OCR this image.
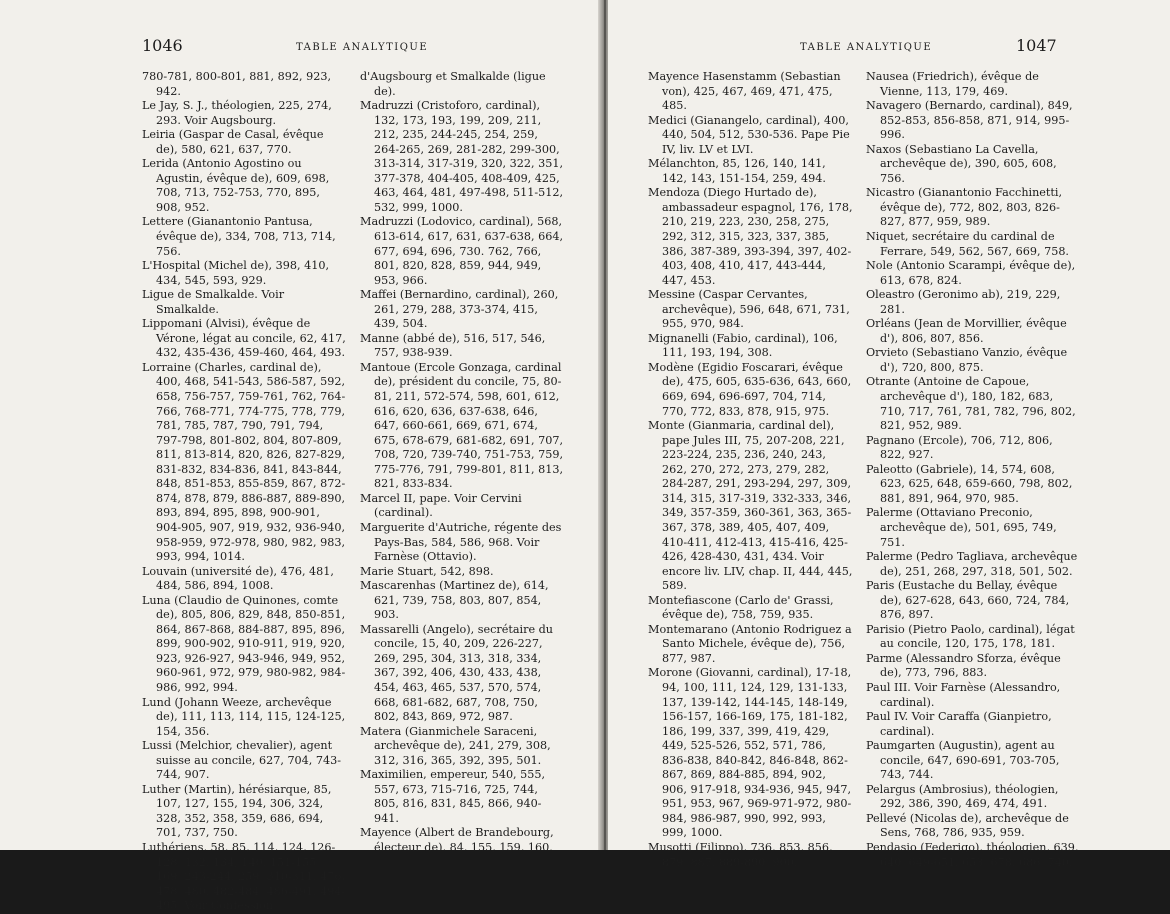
1046	TABLE ANALYTIQUE
780-781, 800-801, 881, 892, 923, 942.
Le Jay, S. J., théologien, 225, 274, 293. Voir Augsbourg.
Leiria (Gaspar de Casal, évêque de), 580, 621, 637, 770.
Lerida (Antonio Agostino ou Agustin, évêque de), 609, 698, 708, 713, 752-753, 770, 895, 908, 952.
Lettere (Gianantonio Pantusa, évêque de), 334, 708, 713, 714, 756.
L'Hospital (Michel de), 398, 410, 434, 545, 593, 929.
Ligue de Smalkalde. Voir Smalkalde.
Lippomani (Alvisi), évêque de Vérone, légat au concile, 62, 417, 432, 435-436, 459-460, 464, 493.
Lorraine (Charles, cardinal de), 400, 468, 541-543, 586-587, 592, 658, 756-757, 759-761, 762, 764-766, 768-771, 774-775, 778, 779, 781, 785, 787, 790, 791, 794, 797-798, 801-802, 804, 807-809, 811, 813-814, 820, 826, 827-829, 831-832, 834-836, 841, 843-844, 848, 851-853, 855-859, 867, 872-874, 878, 879, 886-887, 889-890, 893, 894, 895, 898, 900-901, 904-905, 907, 919, 932, 936-940, 958-959, 972-978, 980, 982, 983, 993, 994, 1014.
Louvain (université de), 476, 481, 484, 586, 894, 1008.
Luna (Claudio de Quinones, comte de), 805, 806, 829, 848, 850-851, 864, 867-868, 884-887, 895, 896, 899, 900-902, 910-911, 919, 920, 923, 926-927, 943-946, 949, 952, 960-961, 972, 979, 980-982, 984-986, 992, 994.
Lund (Johann Weeze, archevêque de), 111, 113, 114, 115, 124-125, 154, 356.
Lussi (Melchior, chevalier), agent suisse au concile, 627, 704, 743-744, 907.
Luther (Martin), hérésiarque, 85, 107, 127, 155, 194, 306, 324, 328, 352, 358, 359, 686, 694, 701, 737, 750.
Luthériens, 58, 85, 114, 124, 126-128, 132, 134, 140, 151-155, 169, 243-244, 259, 310-311, 476, 478, 480, 482-484, 486-491, 494-495. Voir Confession
d'Augsbourg et Smalkalde (ligue de).
Madruzzi (Cristoforo, cardinal), 132, 173, 193, 199, 209, 211, 212, 235, 244-245, 254, 259, 264-265, 269, 281-282, 299-300, 313-314, 317-319, 320, 322, 351, 377-378, 404-405, 408-409, 425, 463, 464, 481, 497-498, 511-512, 532, 999, 1000.
Madruzzi (Lodovico, cardinal), 568, 613-614, 617, 631, 637-638, 664, 677, 694, 696, 730. 762, 766, 801, 820, 828, 859, 944, 949, 953, 966.
Maffei (Bernardino, cardinal), 260, 261, 279, 288, 373-374, 415, 439, 504.
Manne (abbé de), 516, 517, 546, 757, 938-939.
Mantoue (Ercole Gonzaga, cardinal de), président du concile, 75, 80-81, 211, 572-574, 598, 601, 612, 616, 620, 636, 637-638, 646, 647, 660-661, 669, 671, 674, 675, 678-679, 681-682, 691, 707, 708, 720, 739-740, 751-753, 759, 775-776, 791, 799-801, 811, 813, 821, 833-834.
Marcel II, pape. Voir Cervini (cardinal).
Marguerite d'Autriche, régente des Pays-Bas, 584, 586, 968. Voir Farnèse (Ottavio).
Marie Stuart, 542, 898.
Mascarenhas (Martinez de), 614, 621, 739, 758, 803, 807, 854, 903.
Massarelli (Angelo), secrétaire du concile, 15, 40, 209, 226-227, 269, 295, 304, 313, 318, 334, 367, 392, 406, 430, 433, 438, 454, 463, 465, 537, 570, 574, 668, 681-682, 687, 708, 750, 802, 843, 869, 972, 987.
Matera (Gianmichele Saraceni, archevêque de), 241, 279, 308, 312, 316, 365, 392, 395, 501.
Maximilien, empereur, 540, 555, 557, 673, 715-716, 725, 744, 805, 816, 831, 845, 866, 940-941.
Mayence (Albert de Brandebourg, électeur de), 84, 155, 159, 160.
TABLE ANALYTIQUE	1047
Mayence Hasenstamm (Sebastian von), 425, 467, 469, 471, 475, 485.
Medici (Gianangelo, cardinal), 400, 440, 504, 512, 530-536. Pape Pie IV, liv. LV et LVI.
Mélanchton, 85, 126, 140, 141, 142, 143, 151-154, 259, 494.
Mendoza (Diego Hurtado de), ambassadeur espagnol, 176, 178, 210, 219, 223, 230, 258, 275, 292, 312, 315, 323, 337, 385, 386, 387-389, 393-394, 397, 402-403, 408, 410, 417, 443-444, 447, 453.
Messine (Caspar Cervantes, archevêque), 596, 648, 671, 731, 955, 970, 984.
Mignanelli (Fabio, cardinal), 106, 111, 193, 194, 308.
Modène (Egidio Foscarari, évêque de), 475, 605, 635-636, 643, 660, 669, 694, 696-697, 704, 714, 770, 772, 833, 878, 915, 975.
Monte (Gianmaria, cardinal del), pape Jules III, 75, 207-208, 221, 223-224, 235, 236, 240, 243, 262, 270, 272, 273, 279, 282, 284-287, 291, 293-294, 297, 309, 314, 315, 317-319, 332-333, 346, 349, 357-359, 360-361, 363, 365-367, 378, 389, 405, 407, 409, 410-411, 412-413, 415-416, 425-426, 428-430, 431, 434. Voir encore liv. LIV, chap. II, 444, 445, 589.
Montefiascone (Carlo de' Grassi, évêque de), 758, 759, 935.
Montemarano (Antonio Rodriguez a Santo Michele, évêque de), 756, 877, 987.
Morone (Giovanni, cardinal), 17-18, 94, 100, 111, 124, 129, 131-133, 137, 139-142, 144-145, 148-149, 156-157, 166-169, 175, 181-182, 186, 199, 337, 399, 419, 429, 449, 525-526, 552, 571, 786, 836-838, 840-842, 846-848, 862-867, 869, 884-885, 894, 902, 906, 917-918, 934-936, 945, 947, 951, 953, 967, 969-971-972, 980-984, 986-987, 990, 992, 993, 999, 1000.
Musotti (Filippo), 736, 853, 856, 879, 887, 889-890, 900.
Nausea (Friedrich), évêque de Vienne, 113, 179, 469.
Navagero (Bernardo, cardinal), 849, 852-853, 856-858, 871, 914, 995-996.
Naxos (Sebastiano La Cavella, archevêque de), 390, 605, 608, 756.
Nicastro (Gianantonio Facchinetti, évêque de), 772, 802, 803, 826-827, 877, 959, 989.
Niquet, secrétaire du cardinal de Ferrare, 549, 562, 567, 669, 758.
Nole (Antonio Scarampi, évêque de), 613, 678, 824.
Oleastro (Geronimo ab), 219, 229, 281.
Orléans (Jean de Morvillier, évêque d'), 806, 807, 856.
Orvieto (Sebastiano Vanzio, évêque d'), 720, 800, 875.
Otrante (Antoine de Capoue, archevêque d'), 180, 182, 683, 710, 717, 761, 781, 782, 796, 802, 821, 952, 989.
Pagnano (Ercole), 706, 712, 806, 822, 927.
Paleotto (Gabriele), 14, 574, 608, 623, 625, 648, 659-660, 798, 802, 881, 891, 964, 970, 985.
Palerme (Ottaviano Preconio, archevêque de), 501, 695, 749, 751.
Palerme (Pedro Tagliava, archevêque de), 251, 268, 297, 318, 501, 502.
Paris (Eustache du Bellay, évêque de), 627-628, 643, 660, 724, 784, 876, 897.
Parisio (Pietro Paolo, cardinal), légat au concile, 120, 175, 178, 181.
Parme (Alessandro Sforza, évêque de), 773, 796, 883.
Paul III. Voir Farnèse (Alessandro, cardinal).
Paul IV. Voir Caraffa (Gianpietro, cardinal).
Paumgarten (Augustin), agent au concile, 647, 690-691, 703-705, 743, 744.
Pelargus (Ambrosius), théologien, 292, 386, 390, 469, 474, 491.
Pellevé (Nicolas de), archevêque de Sens, 768, 786, 935, 959.
Pendasio (Federigo), théologien, 639, 640, 649-651, 653, 678, 686, 740.
